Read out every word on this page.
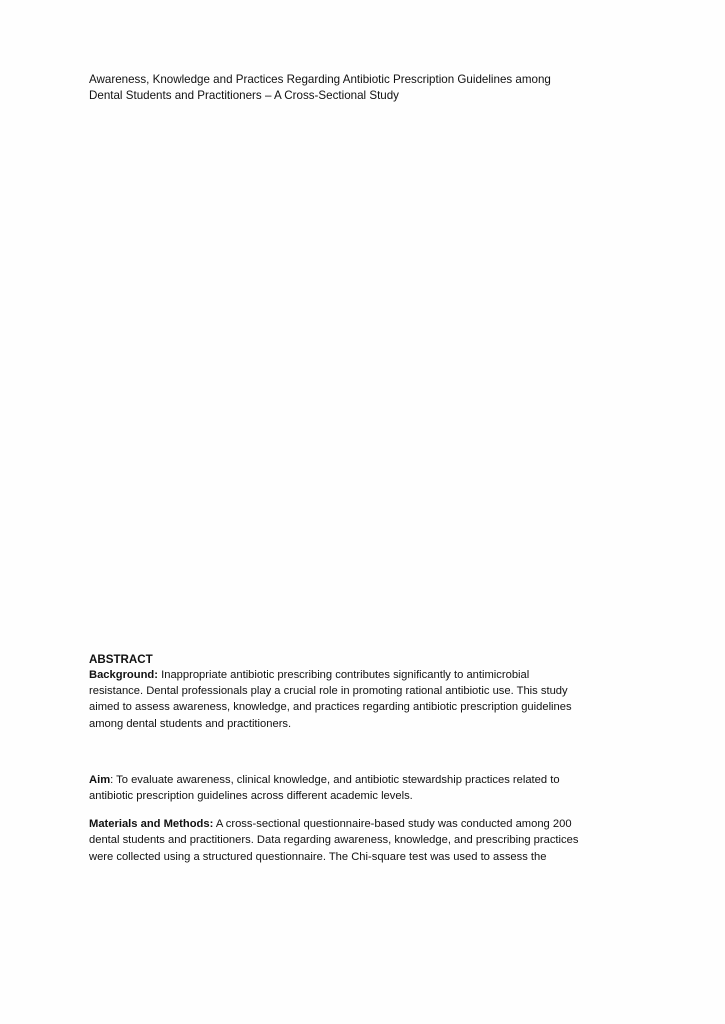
Awareness, Knowledge and Practices Regarding Antibiotic Prescription Guidelines among
Dental Students and Practitioners – A Cross-Sectional Study
ABSTRACT
Background: Inappropriate antibiotic prescribing contributes significantly to antimicrobial
resistance. Dental professionals play a crucial role in promoting rational antibiotic use. This study
aimed to assess awareness, knowledge, and practices regarding antibiotic prescription guidelines
among dental students and practitioners.
Aim: To evaluate awareness, clinical knowledge, and antibiotic stewardship practices related to
antibiotic prescription guidelines across different academic levels.
Materials and Methods: A cross-sectional questionnaire-based study was conducted among 200
dental students and practitioners. Data regarding awareness, knowledge, and prescribing practices
were collected using a structured questionnaire. The Chi-square test was used to assess the
